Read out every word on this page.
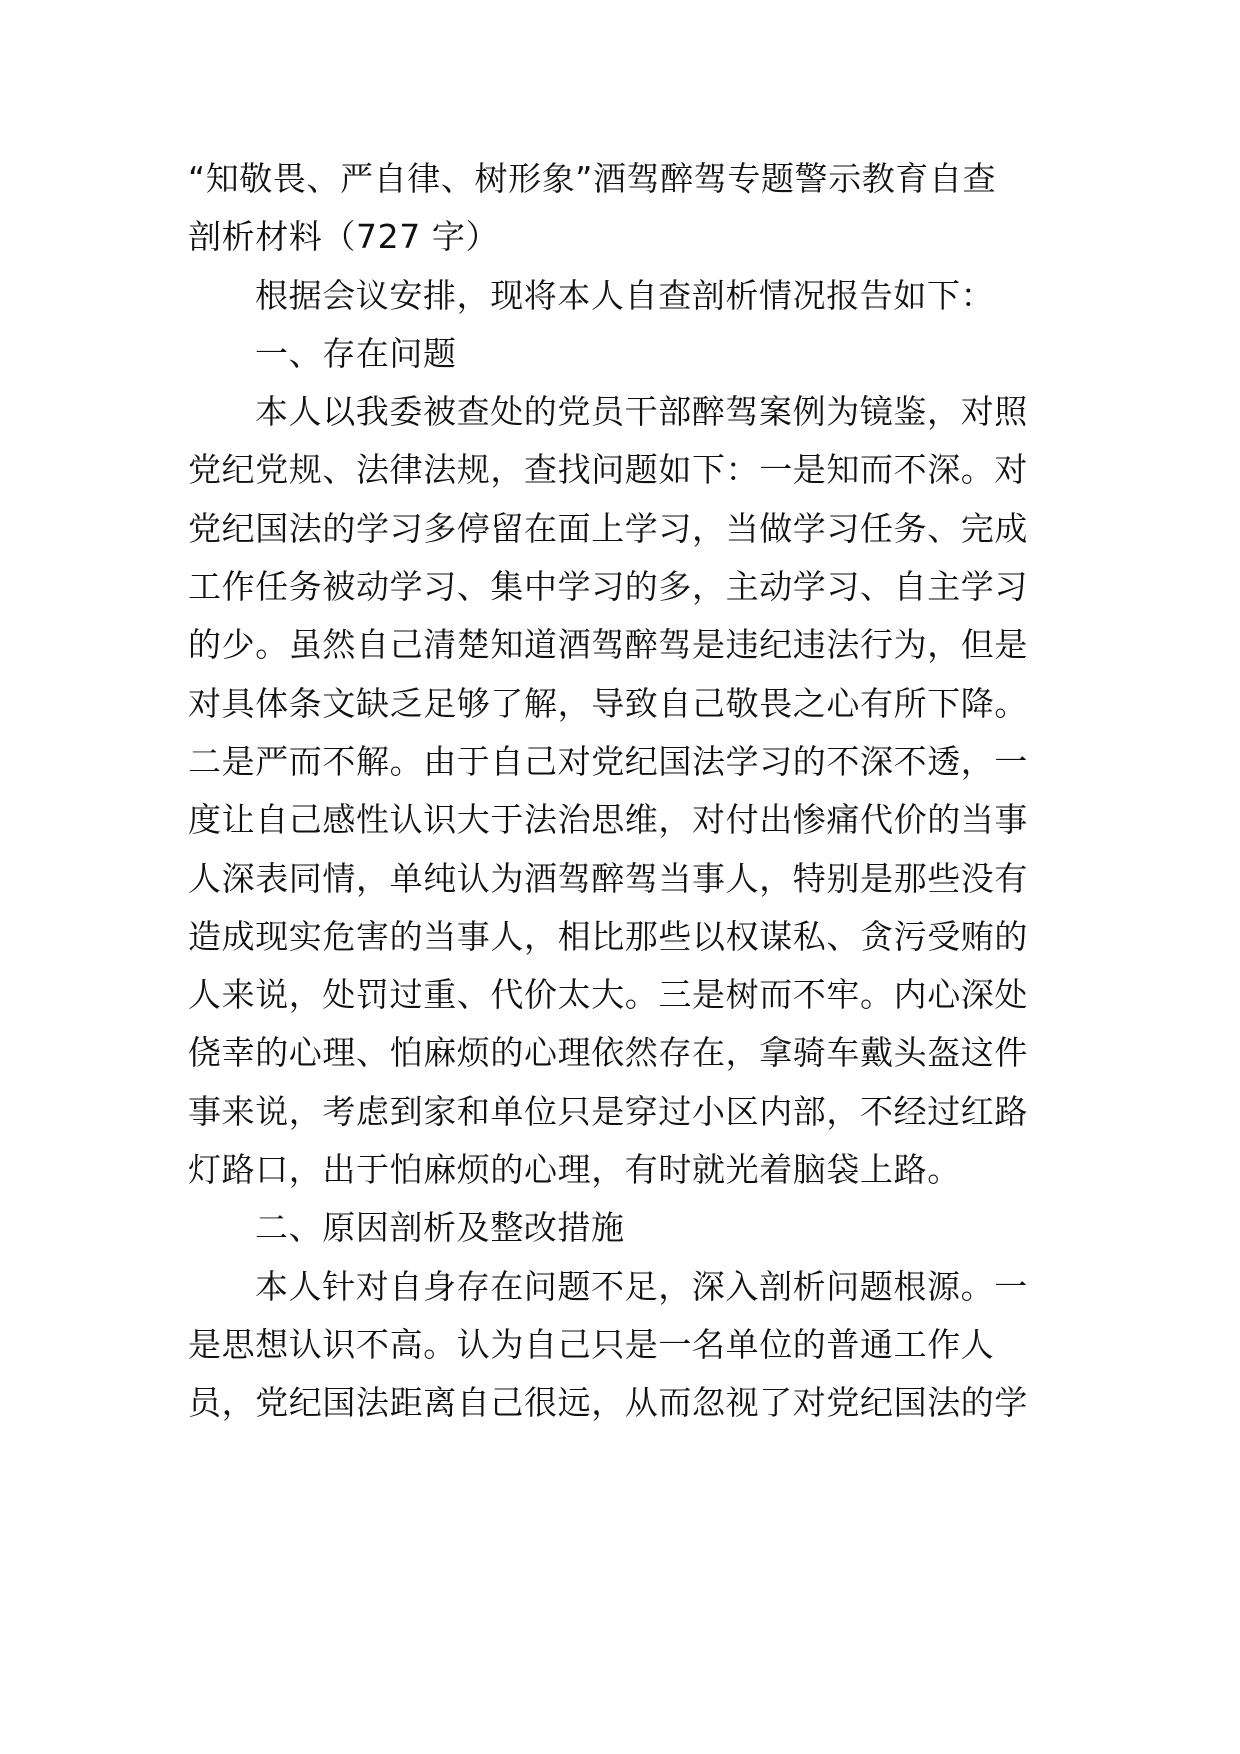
“知敬畏、严自律、树形象”酒驾醉驾专题警示教育自查
剖析材料（727 字）
根据会议安排，现将本人自查剖析情况报告如下：
一、存在问题
本人以我委被查处的党员干部醉驾案例为镜鉴，对照
党纪党规、法律法规，查找问题如下：一是知而不深。对
党纪国法的学习多停留在面上学习，当做学习任务、完成
工作任务被动学习、集中学习的多，主动学习、自主学习
的少。虽然自己清楚知道酒驾醉驾是违纪违法行为，但是
对具体条文缺乏足够了解，导致自己敬畏之心有所下降。
二是严而不解。由于自己对党纪国法学习的不深不透，一
度让自己感性认识大于法治思维，对付出惨痛代价的当事
人深表同情，单纯认为酒驾醉驾当事人，特别是那些没有
造成现实危害的当事人，相比那些以权谋私、贪污受贿的
人来说，处罚过重、代价太大。三是树而不牢。内心深处
侥幸的心理、怕麻烦的心理依然存在，拿骑车戴头盔这件
事来说，考虑到家和单位只是穿过小区内部，不经过红路
灯路口，出于怕麻烦的心理，有时就光着脑袋上路。
二、原因剖析及整改措施
本人针对自身存在问题不足，深入剖析问题根源。一
是思想认识不高。认为自己只是一名单位的普通工作人
员，党纪国法距离自己很远，从而忽视了对党纪国法的学
